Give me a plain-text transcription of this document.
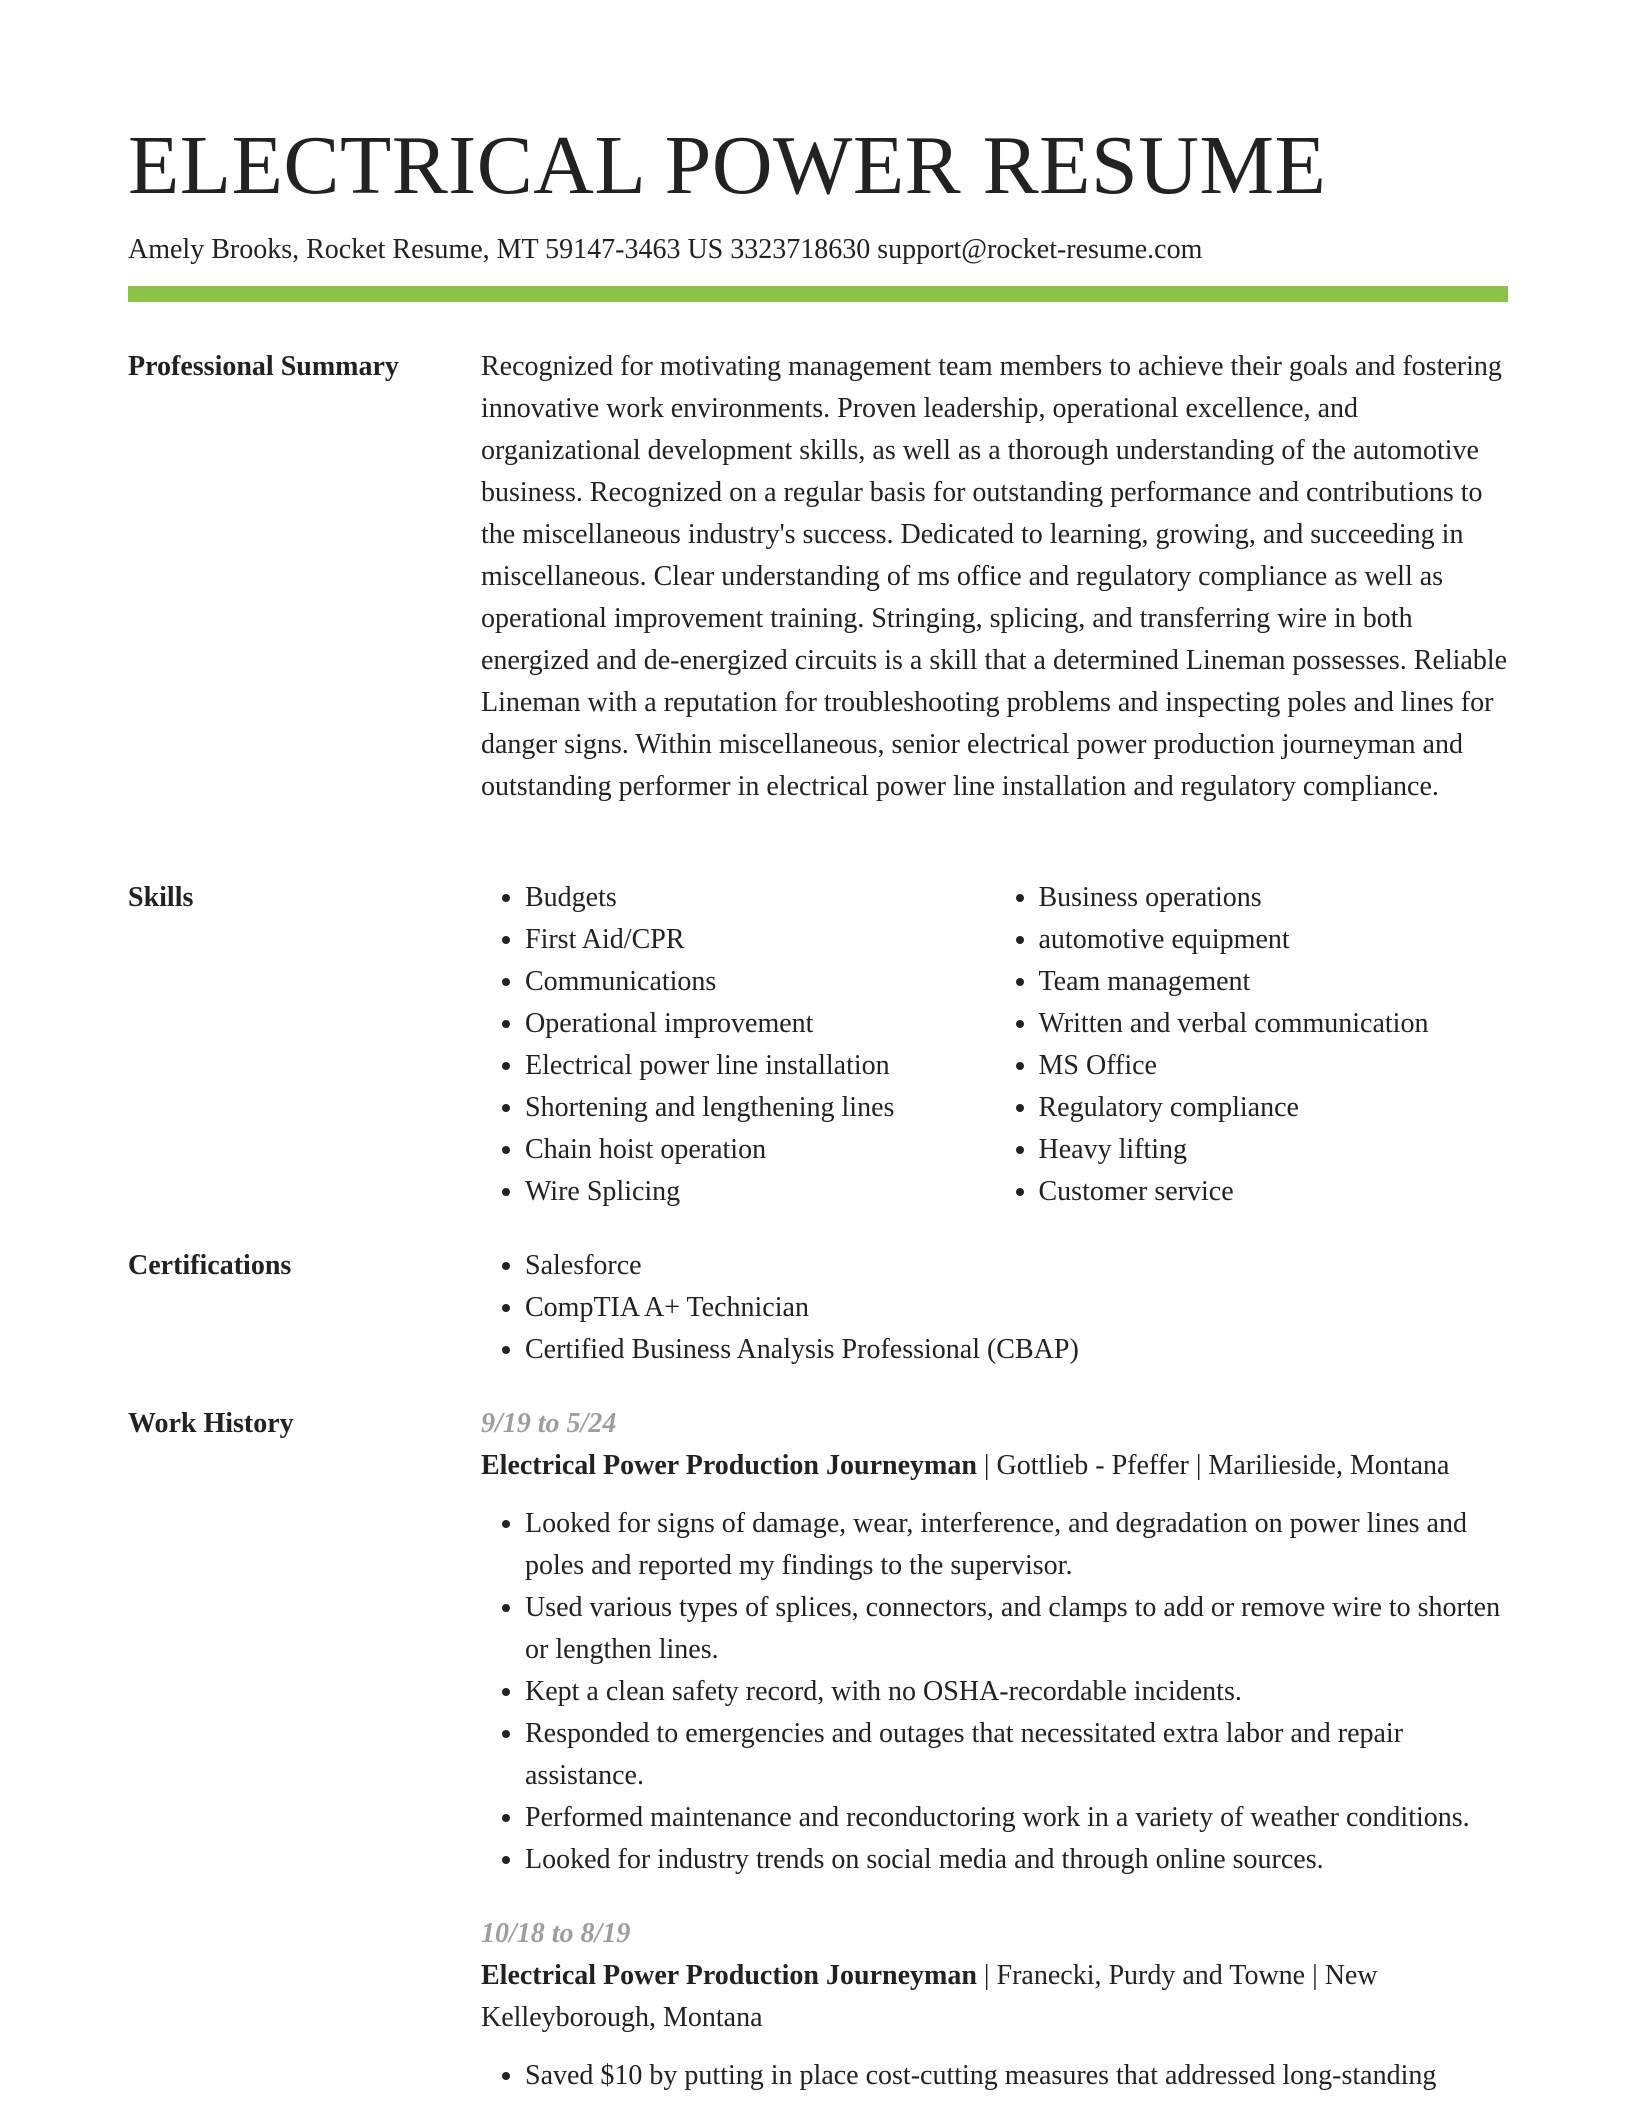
ELECTRICAL POWER RESUME
Amely Brooks, Rocket Resume, MT 59147-3463 US 3323718630 support@rocket-resume.com
Professional Summary	Recognized for motivating management team members to achieve their goals and fostering innovative work environments. Proven leadership, operational excellence, and organizational development skills, as well as a thorough understanding of the automotive business. Recognized on a regular basis for outstanding performance and contributions to the miscellaneous industry's success. Dedicated to learning, growing, and succeeding in miscellaneous. Clear understanding of ms office and regulatory compliance as well as operational improvement training. Stringing, splicing, and transferring wire in both energized and de-energized circuits is a skill that a determined Lineman possesses. Reliable Lineman with a reputation for troubleshooting problems and inspecting poles and lines for danger signs. Within miscellaneous, senior electrical power production journeyman and outstanding performer in electrical power line installation and regulatory compliance.

Skills	• Budgets
• First Aid/CPR
• Communications
• Operational improvement
• Electrical power line installation
• Shortening and lengthening lines
• Chain hoist operation
• Wire Splicing
• Business operations
• automotive equipment
• Team management
• Written and verbal communication
• MS Office
• Regulatory compliance
• Heavy lifting
• Customer service
Certifications	• Salesforce
• CompTIA A+ Technician
• Certified Business Analysis Professional (CBAP)
Work History	9/19 to 5/24
Electrical Power Production Journeyman | Gottlieb - Pfeffer | Marilieside, Montana
• Looked for signs of damage, wear, interference, and degradation on power lines and poles and reported my findings to the supervisor.
• Used various types of splices, connectors, and clamps to add or remove wire to shorten or lengthen lines.
• Kept a clean safety record, with no OSHA-recordable incidents.
• Responded to emergencies and outages that necessitated extra labor and repair assistance.
• Performed maintenance and reconductoring work in a variety of weather conditions.
• Looked for industry trends on social media and through online sources.
10/18 to 8/19
Electrical Power Production Journeyman | Franecki, Purdy and Towne | New Kelleyborough, Montana
• Saved $10 by putting in place cost-cutting measures that addressed long-standing
